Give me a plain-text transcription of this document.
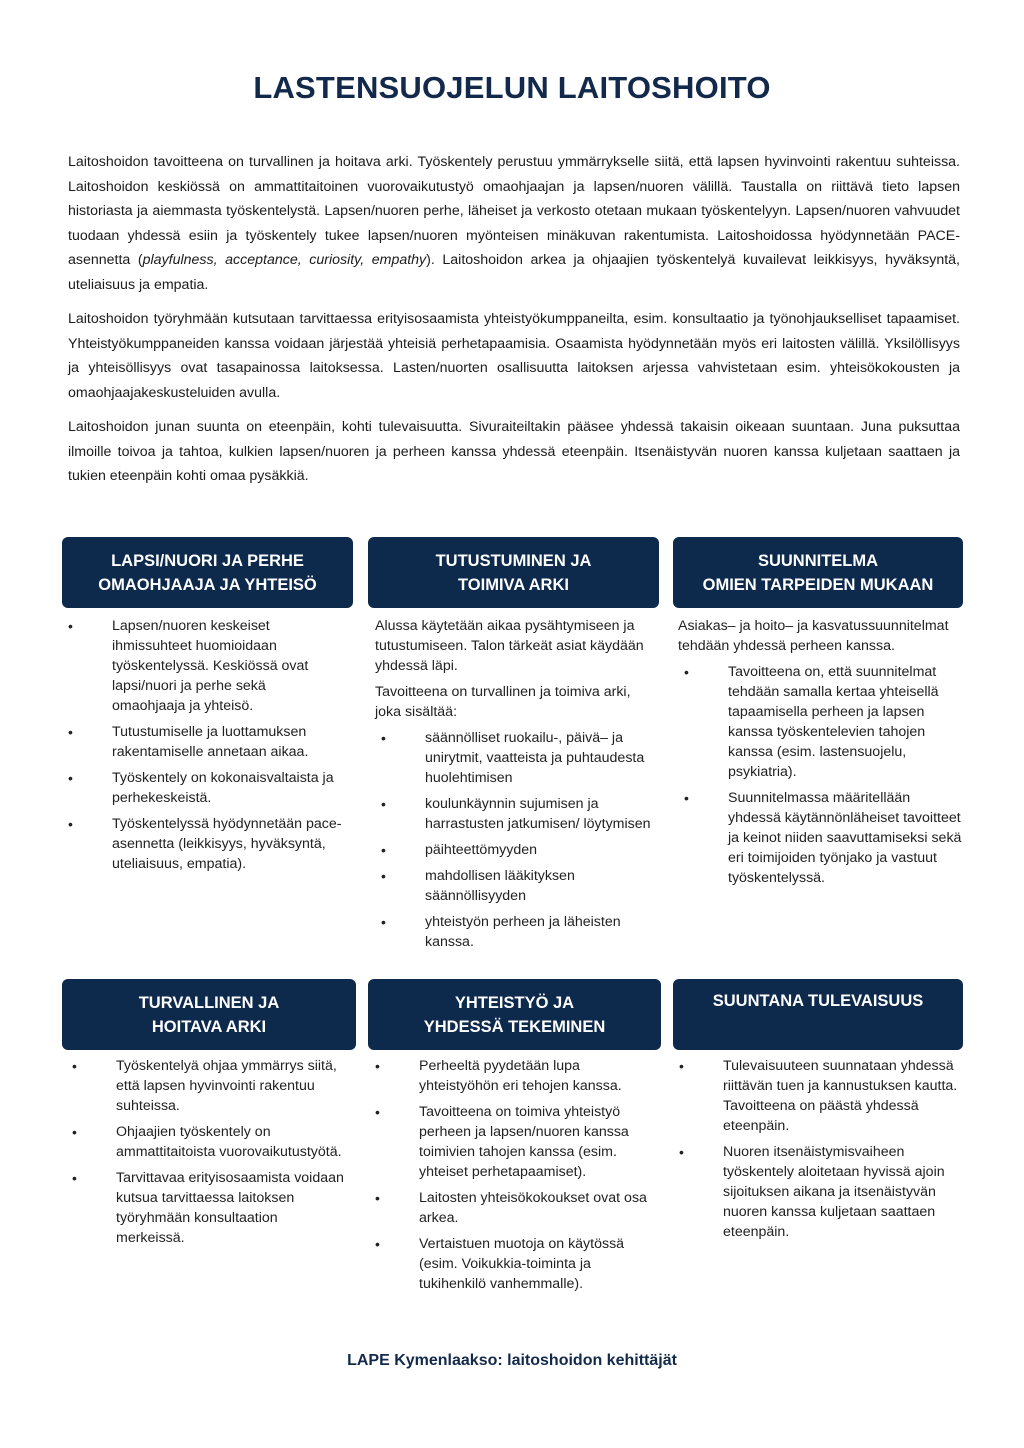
LASTENSUOJELUN LAITOSHOITO

Laitoshoidon tavoitteena on turvallinen ja hoitava arki. Työskentely perustuu ymmärrykselle siitä, että lapsen hyvinvointi rakentuu suhteissa. Laitoshoidon keskiössä on ammattitaitoinen vuorovaikutustyö omaohjaajan ja lapsen/nuoren välillä. Taustalla on riittävä tieto lapsen historiasta ja aiemmasta työskentelystä. Lapsen/nuoren perhe, läheiset ja verkosto otetaan mukaan työskentelyyn. Lapsen/nuoren vahvuudet tuodaan yhdessä esiin ja työskentely tukee lapsen/nuoren myönteisen minäkuvan rakentumista. Laitoshoidossa hyödynnetään PACE-asennetta (playfulness, acceptance, curiosity, empathy). Laitoshoidon arkea ja ohjaajien työskentelyä kuvailevat leikkisyys, hyväksyntä, uteliaisuus ja empatia.

Laitoshoidon työryhmään kutsutaan tarvittaessa erityisosaamista yhteistyökumppaneilta, esim. konsultaatio ja työnohjaukselliset tapaamiset. Yhteistyökumppaneiden kanssa voidaan järjestää yhteisiä perhetapaamisia. Osaamista hyödynnetään myös eri laitosten välillä. Yksilöllisyys ja yhteisöllisyys ovat tasapainossa laitoksessa. Lasten/nuorten osallisuutta laitoksen arjessa vahvistetaan esim. yhteisökokousten ja omaohjaajakeskusteluiden avulla.

Laitoshoidon junan suunta on eteenpäin, kohti tulevaisuutta. Sivuraiteiltakin pääsee yhdessä takaisin oikeaan suuntaan. Juna puksuttaa ilmoille toivoa ja tahtoa, kulkien lapsen/nuoren ja perheen kanssa yhdessä eteenpäin. Itsenäistyvän nuoren kanssa kuljetaan saattaen ja tukien eteenpäin kohti omaa pysäkkiä.

LAPSI/NUORI JA PERHE
OMAOHJAAJA JA YHTEISÖ
•	Lapsen/nuoren keskeiset ihmissuhteet huomioidaan työskentelyssä. Keskiössä ovat lapsi/nuori ja perhe sekä omaohjaaja ja yhteisö.
•	Tutustumiselle ja luottamuksen rakentamiselle annetaan aikaa.
•	Työskentely on kokonaisvaltaista ja perhekeskeistä.
•	Työskentelyssä hyödynnetään pace-asennetta (leikkisyys, hyväksyntä, uteliaisuus, empatia).
TUTUSTUMINEN JA
TOIMIVA ARKI

Alussa käytetään aikaa pysähtymiseen ja tutustumiseen. Talon tärkeät asiat käydään yhdessä läpi.

Tavoitteena on turvallinen ja toimiva arki, joka sisältää:

•	säännölliset ruokailu-, päivä– ja unirytmit, vaatteista ja puhtaudesta huolehtimisen
•	koulunkäynnin sujumisen ja harrastusten jatkumisen/ löytymisen
•	päihteettömyyden
•	mahdollisen lääkityksen säännöllisyyden
•	yhteistyön perheen ja läheisten kanssa.
SUUNNITELMA
OMIEN TARPEIDEN MUKAAN

Asiakas– ja hoito– ja kasvatussuunnitelmat tehdään yhdessä perheen kanssa.

•	Tavoitteena on, että suunnitelmat tehdään samalla kertaa yhteisellä tapaamisella perheen ja lapsen kanssa työskentelevien tahojen kanssa (esim. lastensuojelu, psykiatria).
•	Suunnitelmassa määritellään yhdessä käytännönläheiset tavoitteet ja keinot niiden saavuttamiseksi sekä eri toimijoiden työnjako ja vastuut työskentelyssä.
TURVALLINEN JA
HOITAVA ARKI
•	Työskentelyä ohjaa ymmärrys siitä, että lapsen hyvinvointi rakentuu suhteissa.
•	Ohjaajien työskentely on ammattitaitoista vuorovaikutustyötä.
•	Tarvittavaa erityisosaamista voidaan kutsua tarvittaessa laitoksen työryhmään konsultaation merkeissä.
YHTEISTYÖ JA
YHDESSÄ TEKEMINEN
•	Perheeltä pyydetään lupa yhteistyöhön eri tehojen kanssa.
•	Tavoitteena on toimiva yhteistyö perheen ja lapsen/nuoren kanssa toimivien tahojen kanssa (esim. yhteiset perhetapaamiset).
•	Laitosten yhteisökokoukset ovat osa arkea.
•	Vertaistuen muotoja on käytössä (esim. Voikukkia-toiminta ja tukihenkilö vanhemmalle).
SUUNTANA TULEVAISUUS
•	Tulevaisuuteen suunnataan yhdessä riittävän tuen ja kannustuksen kautta. Tavoitteena on päästä yhdessä eteenpäin.
•	Nuoren itsenäistymisvaiheen työskentely aloitetaan hyvissä ajoin sijoituksen aikana ja itsenäistyvän nuoren kanssa kuljetaan saattaen eteenpäin.
LAPE Kymenlaakso: laitoshoidon kehittäjät
